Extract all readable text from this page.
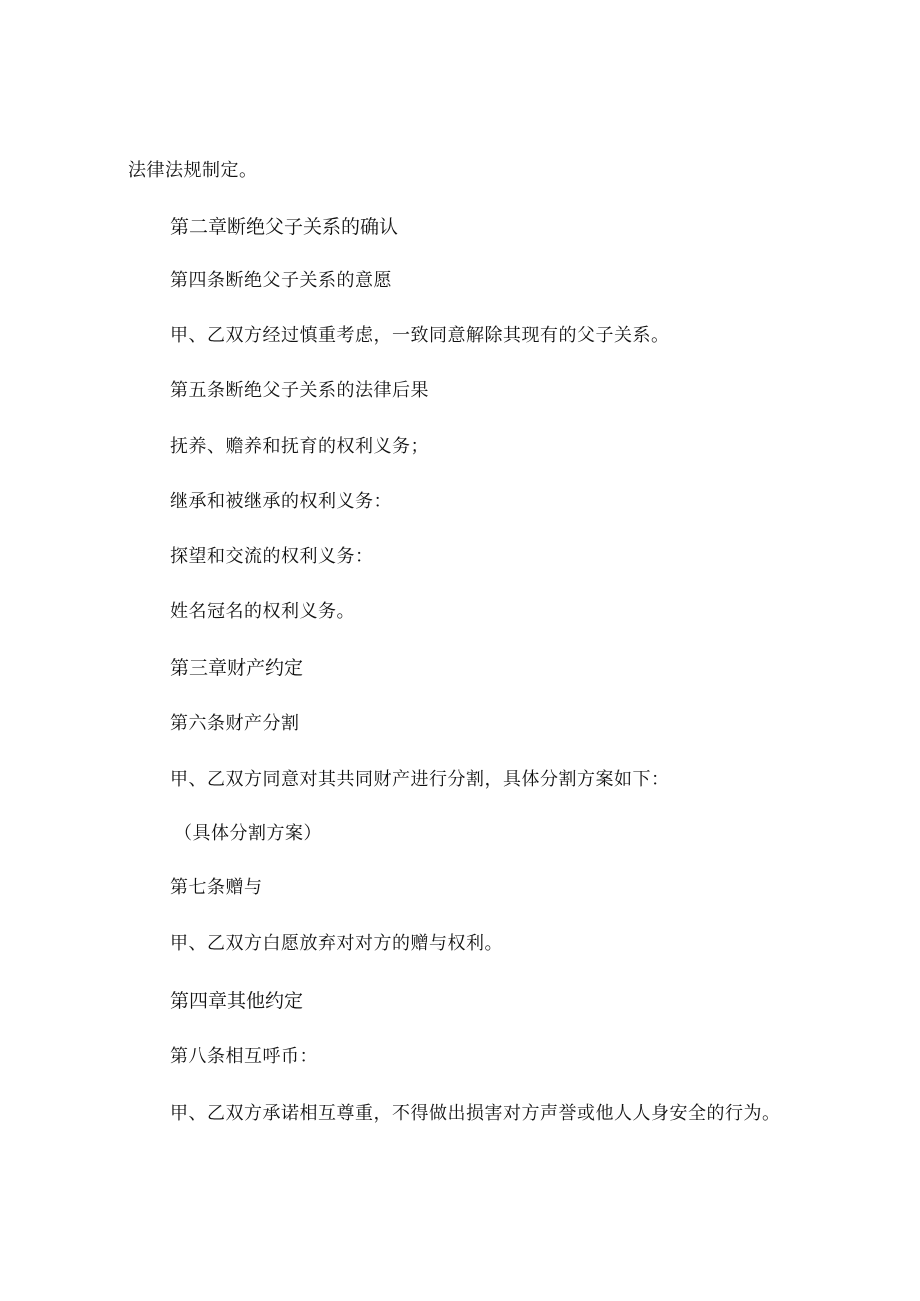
法律法规制定。

第二章断绝父子关系的确认

第四条断绝父子关系的意愿

甲、乙双方经过慎重考虑，一致同意解除其现有的父子关系。

第五条断绝父子关系的法律后果

抚养、赡养和抚育的权利义务；

继承和被继承的权利义务：

探望和交流的权利义务：

姓名冠名的权利义务。

第三章财产约定

第六条财产分割

甲、乙双方同意对其共同财产进行分割，具体分割方案如下：

（具体分割方案）

第七条赠与

甲、乙双方白愿放弃对对方的赠与权利。

第四章其他约定

第八条相互呼币：

甲、乙双方承诺相互尊重，不得做出损害对方声誉或他人人身安全的行为。
